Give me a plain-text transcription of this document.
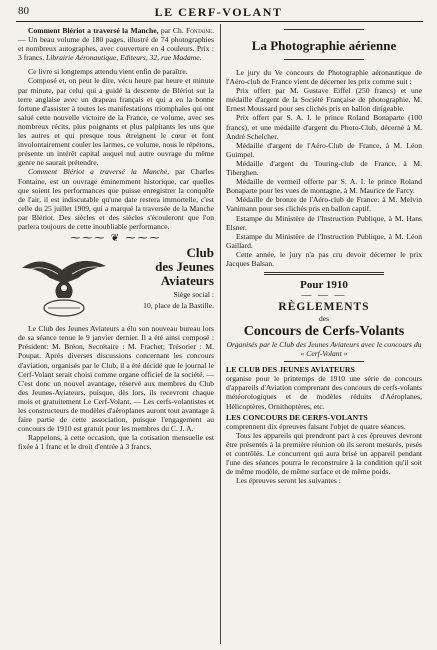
80	LE CERF-VOLANT

Comment Blériot a traversé la Manche, par Ch. Fontaine. — Un beau volume de 180 pages, illustré de 74 photographies et nombreux autographes, avec couverture en 4 couleurs. Prix : 3 francs. Librairie Aéronautique, Editeurs, 32, rue Madame.

Ce livre si longtemps attendu vient enfin de paraître.

Composé et, on peut le dire, vécu heure par heure et minute par minute, par celui qui a guidé la descente de Blériot sur la terre anglaise avec un drapeau français et qui a eu la bonne fortune d'assister à toutes les manifestations triomphales qui ont salué cette nouvelle victoire de la France, ce volume, avec ses nombreux récits, plus poignants et plus palpitants les uns que les autres et qui presque tous étreignent le cœur et font involontairement couler les larmes, ce volume, nous le répétons, présente un intérêt capital auquel nul autre ouvrage du même genre ne saurait prétendre.

Comment Blériot a traversé la Manche, par Charles Fontaine, est un ouvrage éminemment historique, car quelles que soient les performances que puisse enregistrer la conquête de l'air, il est indiscutable qu'une date restera immortelle, c'est celle du 25 juillet 1909, qui a marqué la traversée de la Manche par Blériot. Des siècles et des siècles s'écouleront que l'on parlera toujours de cette inoubliable performance.

⁓⁓⁓ ❦ ⁓⁓⁓
Club
des Jeunes
Aviateurs
Siège social :
10, place de la Bastille.

Le Club des Jeunes Aviateurs a élu son nouveau bureau lors de sa séance tenue le 9 janvier dernier. Il a été ainsi composé : Président: M. Bréon, Secrétaire : M. Frachet; Trésorier : M. Poupat. Après diverses discussions concernant les concours d'aviation, organisés par le Club, il a été décidé que le journal le Cerf-Volant serait choisi comme organe officiel de la société. — C'est donc un nouvel avantage, réservé aux membres du Club des Jeunes-Aviateurs, puisque, dès lors, ils recevront chaque mois et gratuitement Le Cerf-Volant. — Les cerfs-volantistes et les constructeurs de modèles d'aéroplanes auront tout avantage à faire partie de cette association, puisque l'engagement au concours de 1910 est gratuit pour les membres du C. J. A.

Rappelons, à cette occasion, que la cotisation mensuelle est fixée à 1 franc et le droit d'entrée à 3 francs.

La Photographie aérienne

Le jury du Ve concours de Photographie aéronautique de l'Aéro-club de France vient de décerner les prix comme suit :

Prix offert par M. Gustave Eiffel (250 francs) et une médaille d'argent de la Société Française de photographie, M. Ernest Moussard pour ses clichés pris en ballon dirigeable.

Prix offert par S. A. I. le prince Roland Bonaparte (100 francs), et une médaille d'argent du Photo-Club, décerné à M. André Schelcher.

Médaille d'argent de l'Aéro-Club de France, à M. Léon Guimpel.

Médaille d'argent du Touring-club de France, à M. Tiberghen.

Médaille de vermeil offerte par S. A. I. le prince Roland Bonaparte pour les vues de montagne, à M. Maurice de Farcy.

Médaille de bronze de l'Aéro-club de France: à M. Melvin Vanimann pour ses clichés pris en ballon captif.

Estampe du Ministère de l'Instruction Publique, à M. Hans Elsner.

Estampe du Ministère de l'Instruction Publique, à M. Léon Gaillard.

Cette année, le jury n'a pas cru devoir décerner le prix Jacques Balsan.

Pour 1910
— — —
RÈGLEMENTS
des
Concours de Cerfs-Volants
Organisés par le Club des Jeunes Aviateurs avec le concours du « Cerf-Volant »

LE CLUB DES JEUNES AVIATEURS

organise pour le printemps de 1910 une série de concours d'appareils d'Aviation comprenant des concours de cerfs-volants météorologiques et de modèles réduits d'Aéroplanes, Hélicoptères, Ornithoptères, etc.

LES CONCOURS DE CERFS-VOLANTS

comprennent dix épreuves faisant l'objet de quatre séances.

Tous les appareils qui prendront part à ces épreuves devront être présentés à la première réunion où ils seront mesurés, pesés et contrôlés. Le concurrent qui aura brisé un appareil pendant l'une des séances pourra le reconstruire à la condition qu'il soit de même modèle, de même surface et de même poids.

Les épreuves seront les suivantes :
